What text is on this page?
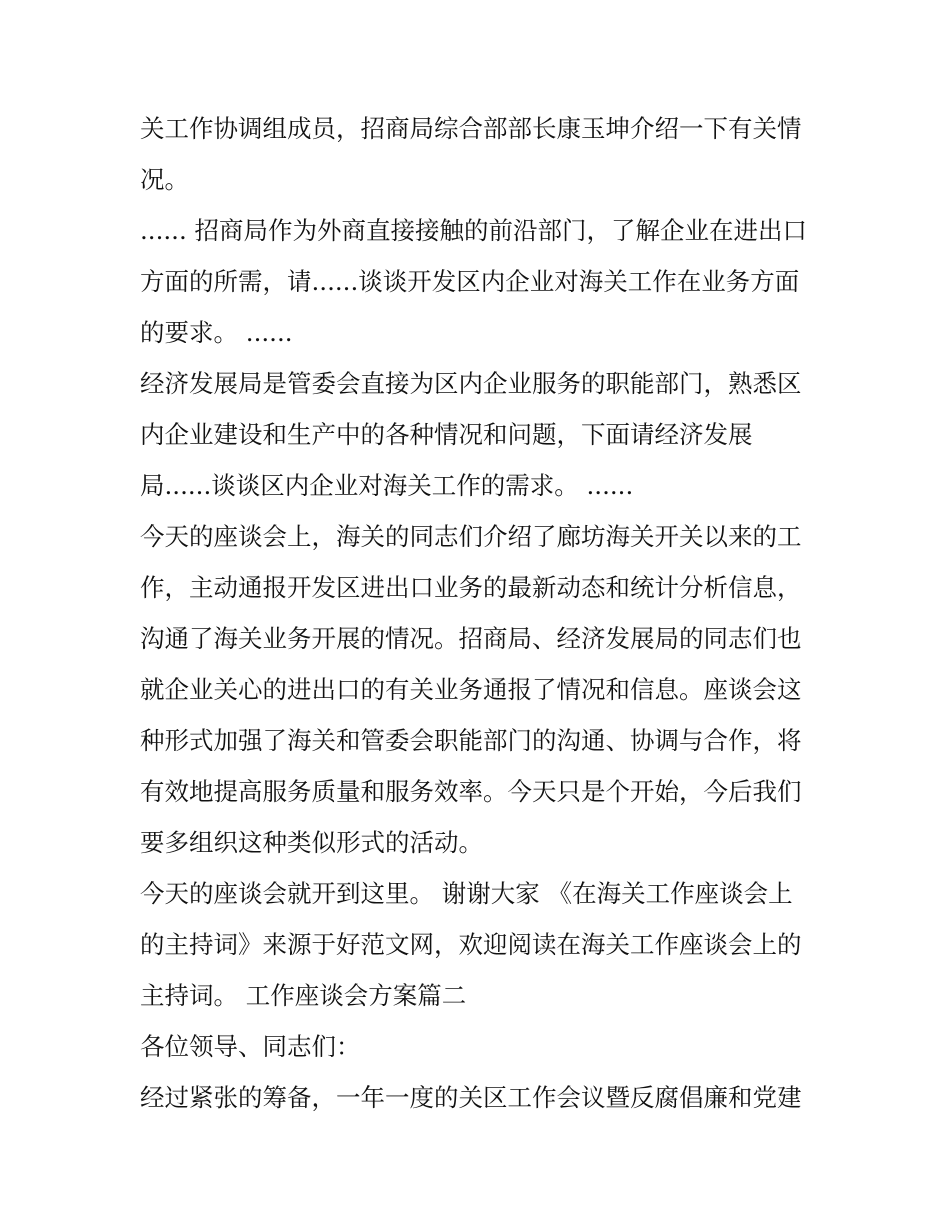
关工作协调组成员，招商局综合部部长康玉坤介绍一下有关情
况。
...... 招商局作为外商直接接触的前沿部门，了解企业在进出口
方面的所需，请......谈谈开发区内企业对海关工作在业务方面
的要求。 ......
经济发展局是管委会直接为区内企业服务的职能部门，熟悉区
内企业建设和生产中的各种情况和问题，下面请经济发展
局......谈谈区内企业对海关工作的需求。 ......
今天的座谈会上，海关的同志们介绍了廊坊海关开关以来的工
作，主动通报开发区进出口业务的最新动态和统计分析信息，
沟通了海关业务开展的情况。招商局、经济发展局的同志们也
就企业关心的进出口的有关业务通报了情况和信息。座谈会这
种形式加强了海关和管委会职能部门的沟通、协调与合作，将
有效地提高服务质量和服务效率。今天只是个开始，今后我们
要多组织这种类似形式的活动。
今天的座谈会就开到这里。 谢谢大家 《在海关工作座谈会上
的主持词》来源于好范文网，欢迎阅读在海关工作座谈会上的
主持词。 工作座谈会方案篇二
各位领导、同志们：
经过紧张的筹备，一年一度的关区工作会议暨反腐倡廉和党建
